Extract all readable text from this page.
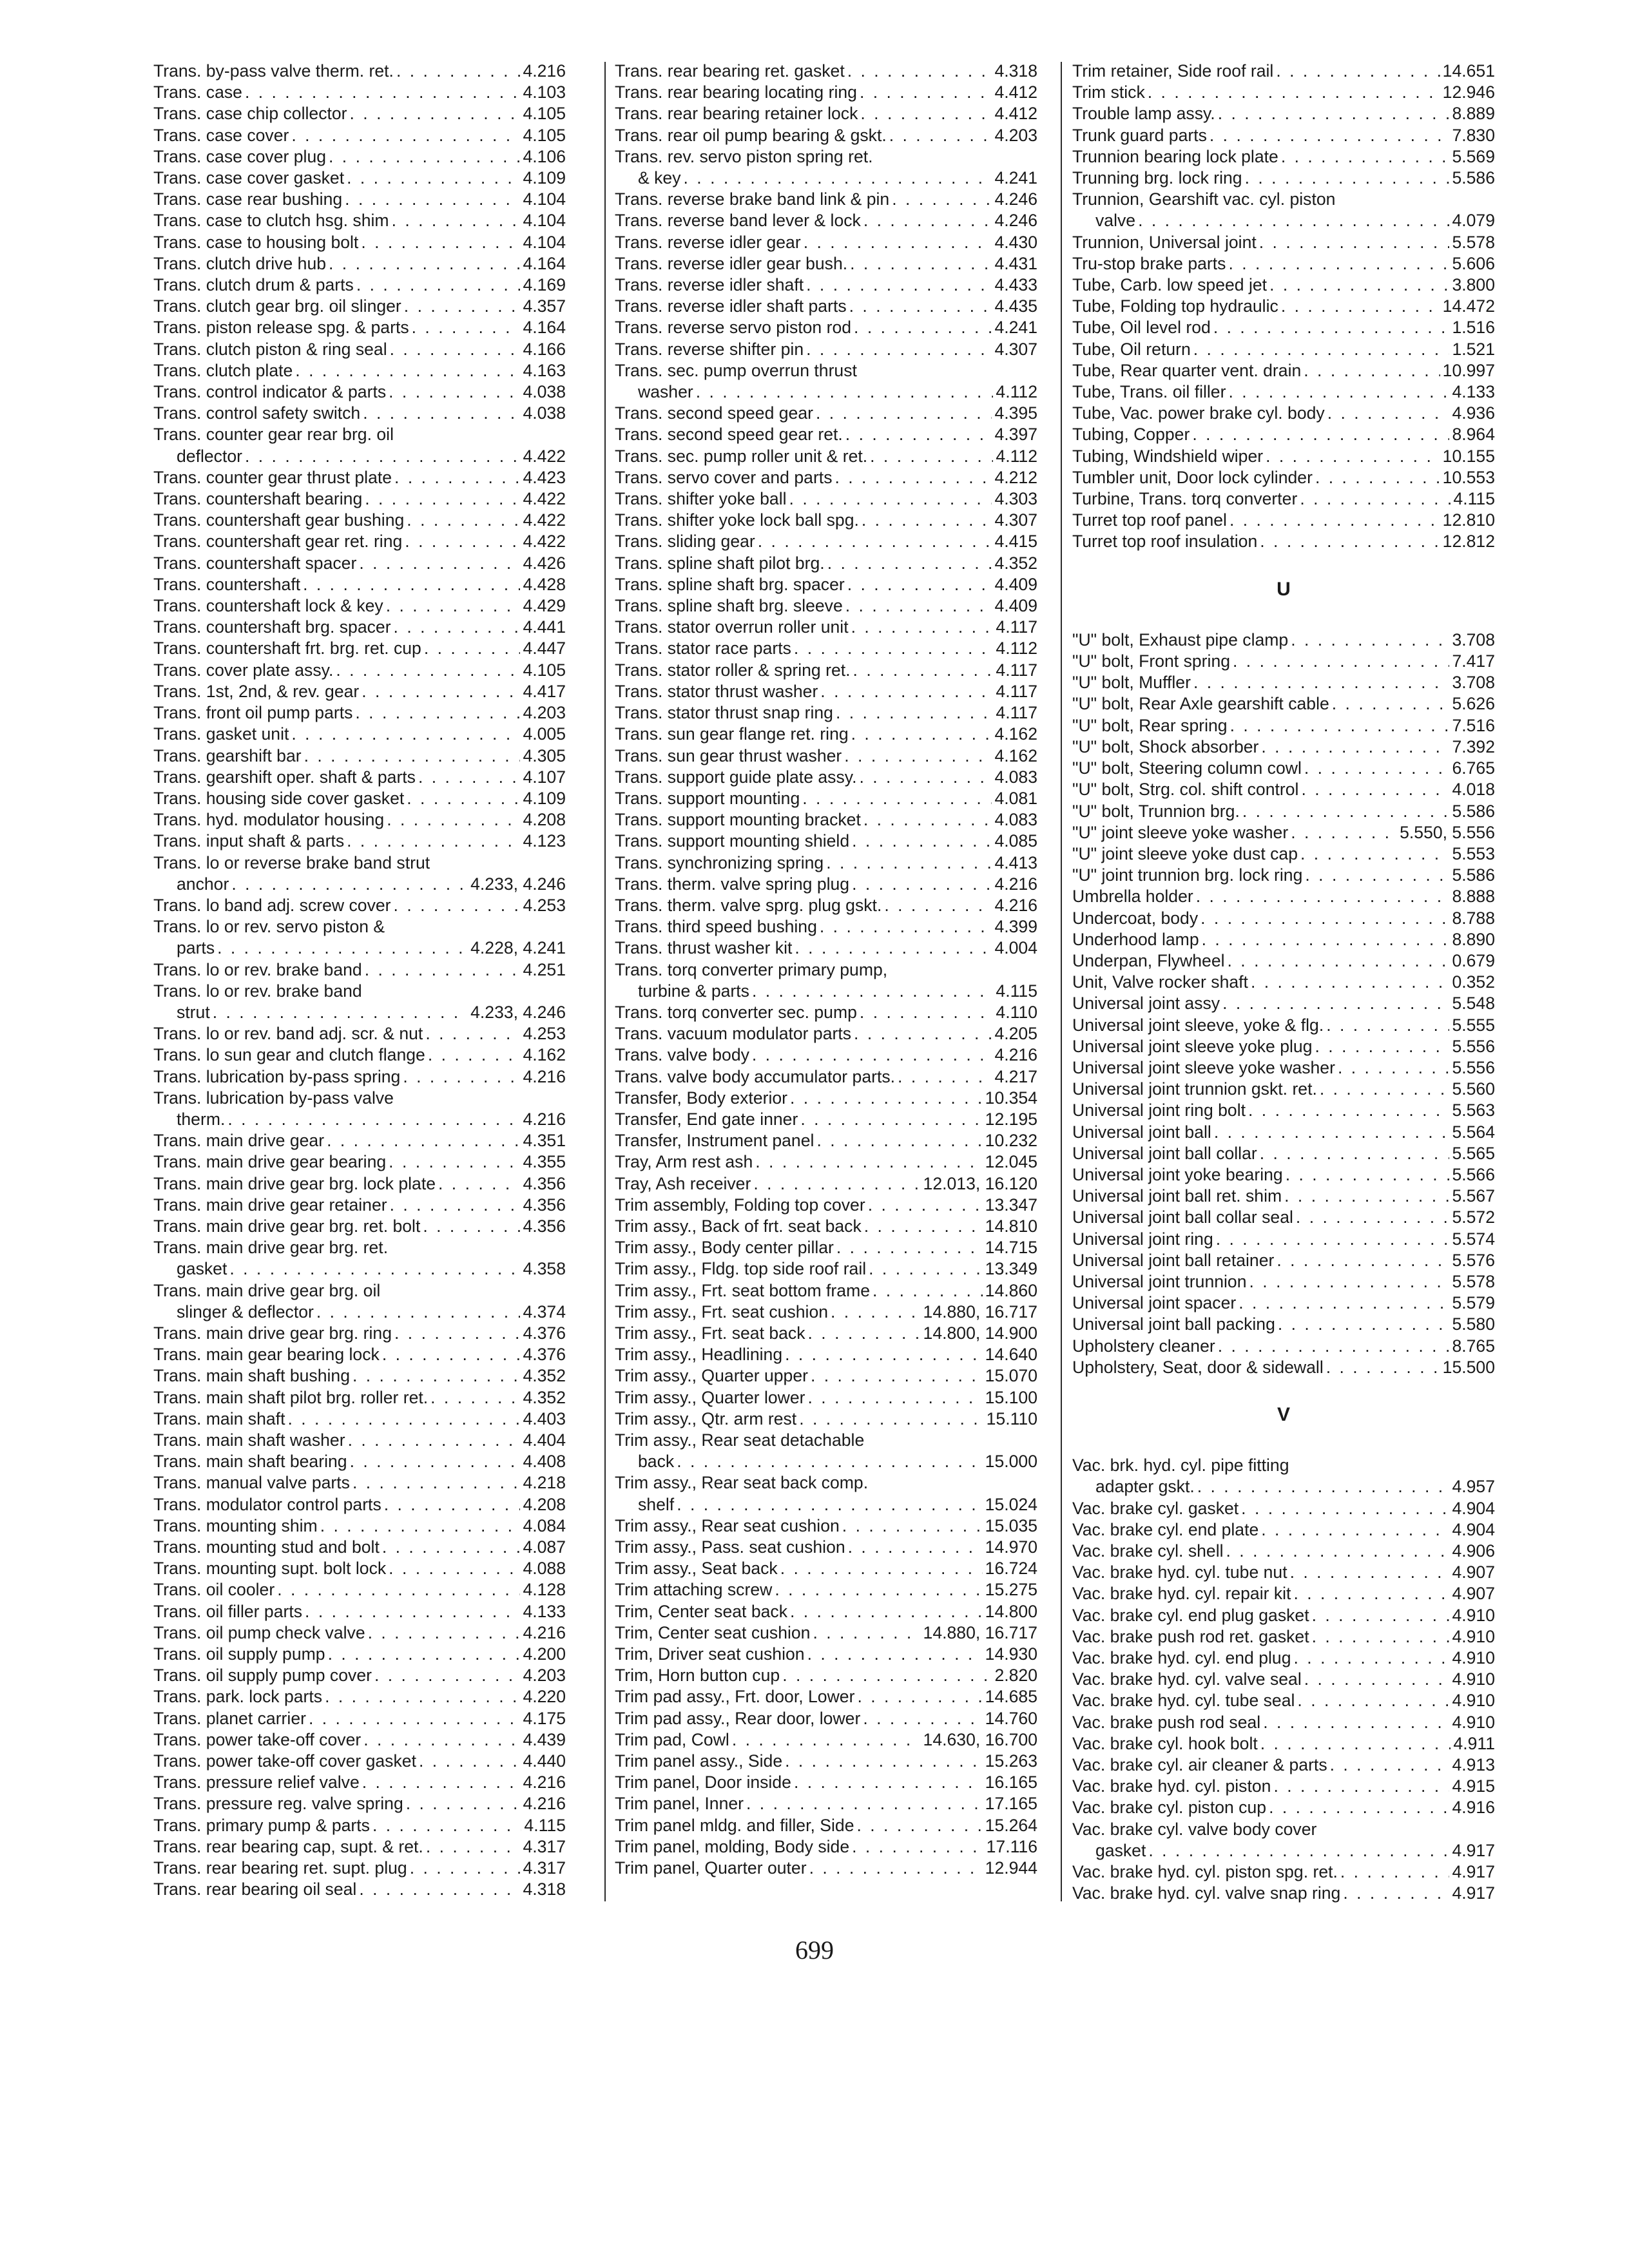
Trans. by-pass valve therm. ret. . . .	4.216
Trans. case . . .	4.103
Trans. case chip collector . . .	4.105
Trans. case cover . . .	4.105
Trans. case cover plug . . .	4.106
Trans. case cover gasket . . .	4.109
Trans. case rear bushing . . .	4.104
Trans. case to clutch hsg. shim . . .	4.104
Trans. case to housing bolt . . .	4.104
Trans. clutch drive hub . . .	4.164
Trans. clutch drum & parts . . .	4.169
Trans. clutch gear brg. oil slinger . . .	4.357
Trans. piston release spg. & parts . . .	4.164
Trans. clutch piston & ring seal . . .	4.166
Trans. clutch plate . . .	4.163
Trans. control indicator & parts . . .	4.038
Trans. control safety switch . . .	4.038
Trans. counter gear rear brg. oil
deflector . . .	4.422
Trans. counter gear thrust plate . . .	4.423
Trans. countershaft bearing . . .	4.422
Trans. countershaft gear bushing . . .	4.422
Trans. countershaft gear ret. ring . . .	4.422
Trans. countershaft spacer . . .	4.426
Trans. countershaft . . .	4.428
Trans. countershaft lock & key . . .	4.429
Trans. countershaft brg. spacer . . .	4.441
Trans. countershaft frt. brg. ret. cup . . .	4.447
Trans. cover plate assy. . . .	4.105
Trans. 1st, 2nd, & rev. gear . . .	4.417
Trans. front oil pump parts . . .	4.203
Trans. gasket unit . . .	4.005
Trans. gearshift bar . . .	4.305
Trans. gearshift oper. shaft & parts . . .	4.107
Trans. housing side cover gasket . . .	4.109
Trans. hyd. modulator housing . . .	4.208
Trans. input shaft & parts . . .	4.123
Trans. lo or reverse brake band strut
anchor . . .	4.233, 4.246
Trans. lo band adj. screw cover . . .	4.253
Trans. lo or rev. servo piston &
parts . . .	4.228, 4.241
Trans. lo or rev. brake band . . .	4.251
Trans. lo or rev. brake band
strut . . .	4.233, 4.246
Trans. lo or rev. band adj. scr. & nut . . .	4.253
Trans. lo sun gear and clutch flange . . .	4.162
Trans. lubrication by-pass spring . . .	4.216
Trans. lubrication by-pass valve
therm. . . .	4.216
Trans. main drive gear . . .	4.351
Trans. main drive gear bearing . . .	4.355
Trans. main drive gear brg. lock plate . . .	4.356
Trans. main drive gear retainer . . .	4.356
Trans. main drive gear brg. ret. bolt . . .	4.356
Trans. main drive gear brg. ret.
gasket . . .	4.358
Trans. main drive gear brg. oil
slinger & deflector . . .	4.374
Trans. main drive gear brg. ring . . .	4.376
Trans. main gear bearing lock . . .	4.376
Trans. main shaft bushing . . .	4.352
Trans. main shaft pilot brg. roller ret. . . .	4.352
Trans. main shaft . . .	4.403
Trans. main shaft washer . . .	4.404
Trans. main shaft bearing . . .	4.408
Trans. manual valve parts . . .	4.218
Trans. modulator control parts . . .	4.208
Trans. mounting shim . . .	4.084
Trans. mounting stud and bolt . . .	4.087
Trans. mounting supt. bolt lock . . .	4.088
Trans. oil cooler . . .	4.128
Trans. oil filler parts . . .	4.133
Trans. oil pump check valve . . .	4.216
Trans. oil supply pump . . .	4.200
Trans. oil supply pump cover . . .	4.203
Trans. park. lock parts . . .	4.220
Trans. planet carrier . . .	4.175
Trans. power take-off cover . . .	4.439
Trans. power take-off cover gasket . . .	4.440
Trans. pressure relief valve . . .	4.216
Trans. pressure reg. valve spring . . .	4.216
Trans. primary pump & parts . . .	4.115
Trans. rear bearing cap, supt. & ret. . . .	4.317
Trans. rear bearing ret. supt. plug . . .	4.317
Trans. rear bearing oil seal . . .	4.318
Trans. rear bearing ret. gasket . . .	4.318
Trans. rear bearing locating ring . . .	4.412
Trans. rear bearing retainer lock . . .	4.412
Trans. rear oil pump bearing & gskt. . . .	4.203
Trans. rev. servo piston spring ret.
& key . . .	4.241
Trans. reverse brake band link & pin . . .	4.246
Trans. reverse band lever & lock . . .	4.246
Trans. reverse idler gear . . .	4.430
Trans. reverse idler gear bush. . . .	4.431
Trans. reverse idler shaft . . .	4.433
Trans. reverse idler shaft parts . . .	4.435
Trans. reverse servo piston rod . . .	4.241
Trans. reverse shifter pin . . .	4.307
Trans. sec. pump overrun thrust
washer . . .	4.112
Trans. second speed gear . . .	4.395
Trans. second speed gear ret. . . .	4.397
Trans. sec. pump roller unit & ret. . . .	4.112
Trans. servo cover and parts . . .	4.212
Trans. shifter yoke ball . . .	4.303
Trans. shifter yoke lock ball spg. . . .	4.307
Trans. sliding gear . . .	4.415
Trans. spline shaft pilot brg. . . .	4.352
Trans. spline shaft brg. spacer . . .	4.409
Trans. spline shaft brg. sleeve . . .	4.409
Trans. stator overrun roller unit . . .	4.117
Trans. stator race parts . . .	4.112
Trans. stator roller & spring ret. . . .	4.117
Trans. stator thrust washer . . .	4.117
Trans. stator thrust snap ring . . .	4.117
Trans. sun gear flange ret. ring . . .	4.162
Trans. sun gear thrust washer . . .	4.162
Trans. support guide plate assy. . . .	4.083
Trans. support mounting . . .	4.081
Trans. support mounting bracket . . .	4.083
Trans. support mounting shield . . .	4.085
Trans. synchronizing spring . . .	4.413
Trans. therm. valve spring plug . . .	4.216
Trans. therm. valve sprg. plug gskt. . . .	4.216
Trans. third speed bushing . . .	4.399
Trans. thrust washer kit . . .	4.004
Trans. torq converter primary pump,
turbine & parts . . .	4.115
Trans. torq converter sec. pump . . .	4.110
Trans. vacuum modulator parts . . .	4.205
Trans. valve body . . .	4.216
Trans. valve body accumulator parts. . . .	4.217
Transfer, Body exterior . . .	10.354
Transfer, End gate inner . . .	12.195
Transfer, Instrument panel . . .	10.232
Tray, Arm rest ash . . .	12.045
Tray, Ash receiver . . .	12.013, 16.120
Trim assembly, Folding top cover . . .	13.347
Trim assy., Back of frt. seat back . . .	14.810
Trim assy., Body center pillar . . .	14.715
Trim assy., Fldg. top side roof rail . . .	13.349
Trim assy., Frt. seat bottom frame . . .	14.860
Trim assy., Frt. seat cushion . . .	14.880, 16.717
Trim assy., Frt. seat back . . .	14.800, 14.900
Trim assy., Headlining . . .	14.640
Trim assy., Quarter upper . . .	15.070
Trim assy., Quarter lower . . .	15.100
Trim assy., Qtr. arm rest . . .	15.110
Trim assy., Rear seat detachable
back . . .	15.000
Trim assy., Rear seat back comp.
shelf . . .	15.024
Trim assy., Rear seat cushion . . .	15.035
Trim assy., Pass. seat cushion . . .	14.970
Trim assy., Seat back . . .	16.724
Trim attaching screw . . .	15.275
Trim, Center seat back . . .	14.800
Trim, Center seat cushion . . .	14.880, 16.717
Trim, Driver seat cushion . . .	14.930
Trim, Horn button cup . . .	2.820
Trim pad assy., Frt. door, Lower . . .	14.685
Trim pad assy., Rear door, lower . . .	14.760
Trim pad, Cowl . . .	14.630, 16.700
Trim panel assy., Side . . .	15.263
Trim panel, Door inside . . .	16.165
Trim panel, Inner . . .	17.165
Trim panel mldg. and filler, Side . . .	15.264
Trim panel, molding, Body side . . .	17.116
Trim panel, Quarter outer . . .	12.944
Trim retainer, Side roof rail . . .	14.651
Trim stick . . .	12.946
Trouble lamp assy. . . .	8.889
Trunk guard parts . . .	7.830
Trunnion bearing lock plate . . .	5.569
Trunning brg. lock ring . . .	5.586
Trunnion, Gearshift vac. cyl. piston
valve . . .	4.079
Trunnion, Universal joint . . .	5.578
Tru-stop brake parts . . .	5.606
Tube, Carb. low speed jet . . .	3.800
Tube, Folding top hydraulic . . .	14.472
Tube, Oil level rod . . .	1.516
Tube, Oil return . . .	1.521
Tube, Rear quarter vent. drain . . .	10.997
Tube, Trans. oil filler . . .	4.133
Tube, Vac. power brake cyl. body . . .	4.936
Tubing, Copper . . .	8.964
Tubing, Windshield wiper . . .	10.155
Tumbler unit, Door lock cylinder . . .	10.553
Turbine, Trans. torq converter . . .	4.115
Turret top roof panel . . .	12.810
Turret top roof insulation . . .	12.812
U
"U" bolt, Exhaust pipe clamp . . .	3.708
"U" bolt, Front spring . . .	7.417
"U" bolt, Muffler . . .	3.708
"U" bolt, Rear Axle gearshift cable . . .	5.626
"U" bolt, Rear spring . . .	7.516
"U" bolt, Shock absorber . . .	7.392
"U" bolt, Steering column cowl . . .	6.765
"U" bolt, Strg. col. shift control . . .	4.018
"U" bolt, Trunnion brg. . . .	5.586
"U" joint sleeve yoke washer . . .	5.550, 5.556
"U" joint sleeve yoke dust cap . . .	5.553
"U" joint trunnion brg. lock ring . . .	5.586
Umbrella holder . . .	8.888
Undercoat, body . . .	8.788
Underhood lamp . . .	8.890
Underpan, Flywheel . . .	0.679
Unit, Valve rocker shaft . . .	0.352
Universal joint assy . . .	5.548
Universal joint sleeve, yoke & flg. . . .	5.555
Universal joint sleeve yoke plug . . .	5.556
Universal joint sleeve yoke washer . . .	5.556
Universal joint trunnion gskt. ret. . . .	5.560
Universal joint ring bolt . . .	5.563
Universal joint ball . . .	5.564
Universal joint ball collar . . .	5.565
Universal joint yoke bearing . . .	5.566
Universal joint ball ret. shim . . .	5.567
Universal joint ball collar seal . . .	5.572
Universal joint ring . . .	5.574
Universal joint ball retainer . . .	5.576
Universal joint trunnion . . .	5.578
Universal joint spacer . . .	5.579
Universal joint ball packing . . .	5.580
Upholstery cleaner . . .	8.765
Upholstery, Seat, door & sidewall . . .	15.500
V
Vac. brk. hyd. cyl. pipe fitting
adapter gskt. . . .	4.957
Vac. brake cyl. gasket . . .	4.904
Vac. brake cyl. end plate . . .	4.904
Vac. brake cyl. shell . . .	4.906
Vac. brake hyd. cyl. tube nut . . .	4.907
Vac. brake hyd. cyl. repair kit . . .	4.907
Vac. brake cyl. end plug gasket . . .	4.910
Vac. brake push rod ret. gasket . . .	4.910
Vac. brake hyd. cyl. end plug . . .	4.910
Vac. brake hyd. cyl. valve seal . . .	4.910
Vac. brake hyd. cyl. tube seal . . .	4.910
Vac. brake push rod seal . . .	4.910
Vac. brake cyl. hook bolt . . .	4.911
Vac. brake cyl. air cleaner & parts . . .	4.913
Vac. brake hyd. cyl. piston . . .	4.915
Vac. brake cyl. piston cup . . .	4.916
Vac. brake cyl. valve body cover
gasket . . .	4.917
Vac. brake hyd. cyl. piston spg. ret. . . .	4.917
Vac. brake hyd. cyl. valve snap ring . . .	4.917
699
